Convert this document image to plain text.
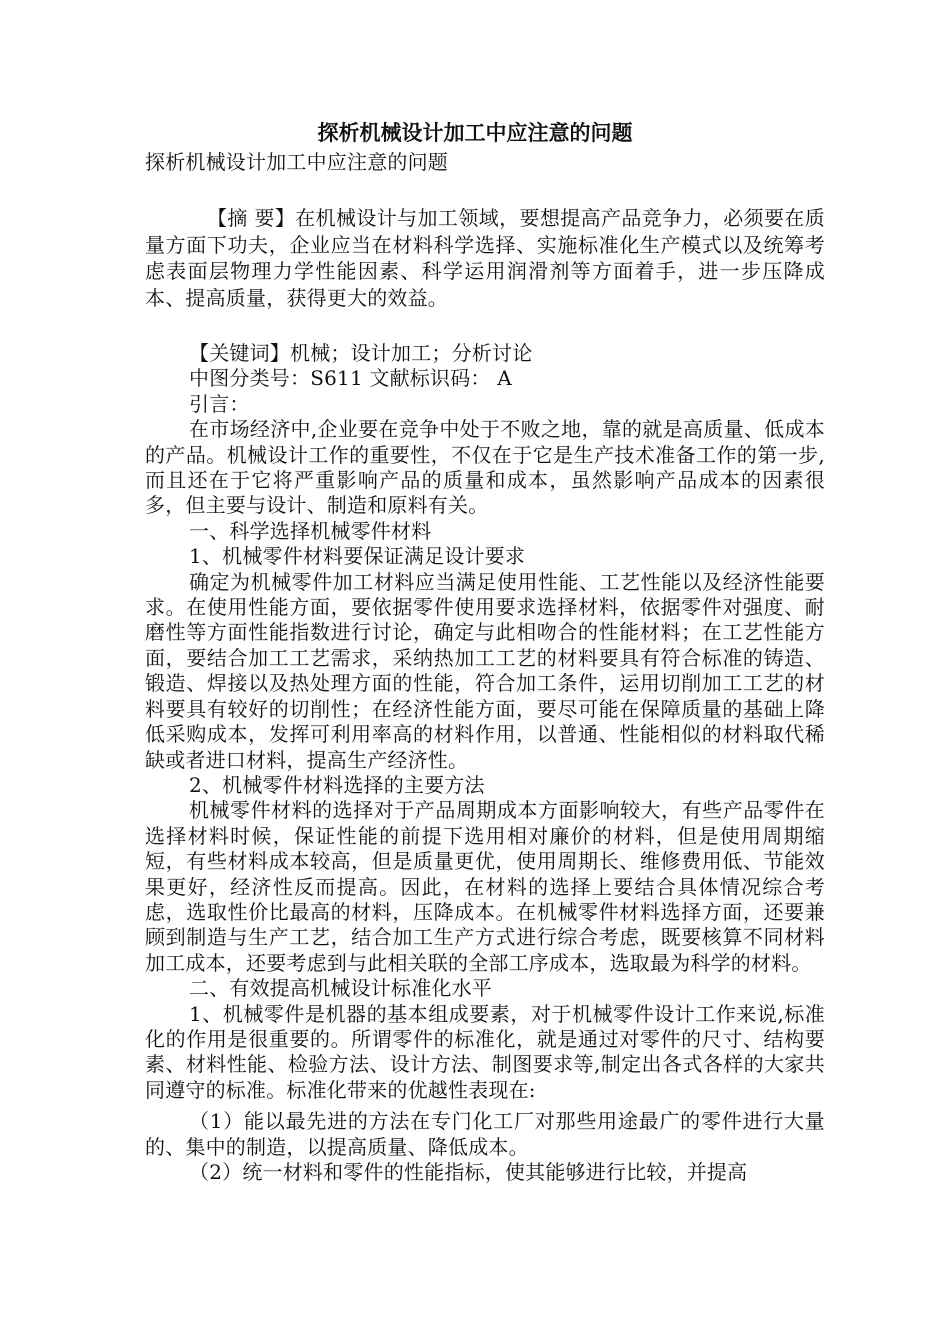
探析机械设计加工中应注意的问题

探析机械设计加工中应注意的问题

【摘 要】在机械设计与加工领域，要想提高产品竞争力，必须要在质量方面下功夫，企业应当在材料科学选择、实施标准化生产模式以及统筹考虑表面层物理力学性能因素、科学运用润滑剂等方面着手，进一步压降成本、提高质量，获得更大的效益。

【关键词】机械；设计加工；分析讨论

中图分类号：S611 文献标识码： A

引言：

在市场经济中,企业要在竞争中处于不败之地，靠的就是高质量、低成本的产品。机械设计工作的重要性，不仅在于它是生产技术准备工作的第一步,而且还在于它将严重影响产品的质量和成本，虽然影响产品成本的因素很多，但主要与设计、制造和原料有关。

一、科学选择机械零件材料

1、机械零件材料要保证满足设计要求

确定为机械零件加工材料应当满足使用性能、工艺性能以及经济性能要求。在使用性能方面，要依据零件使用要求选择材料，依据零件对强度、耐磨性等方面性能指数进行讨论，确定与此相吻合的性能材料；在工艺性能方面，要结合加工工艺需求，采纳热加工工艺的材料要具有符合标准的铸造、锻造、焊接以及热处理方面的性能，符合加工条件，运用切削加工工艺的材料要具有较好的切削性；在经济性能方面，要尽可能在保障质量的基础上降低采购成本，发挥可利用率高的材料作用，以普通、性能相似的材料取代稀缺或者进口材料，提高生产经济性。

2、机械零件材料选择的主要方法

机械零件材料的选择对于产品周期成本方面影响较大，有些产品零件在选择材料时候，保证性能的前提下选用相对廉价的材料，但是使用周期缩短，有些材料成本较高，但是质量更优，使用周期长、维修费用低、节能效果更好，经济性反而提高。因此，在材料的选择上要结合具体情况综合考虑，选取性价比最高的材料，压降成本。在机械零件材料选择方面，还要兼顾到制造与生产工艺，结合加工生产方式进行综合考虑，既要核算不同材料加工成本，还要考虑到与此相关联的全部工序成本，选取最为科学的材料。

二、有效提高机械设计标准化水平

1、机械零件是机器的基本组成要素，对于机械零件设计工作来说,标准化的作用是很重要的。所谓零件的标准化，就是通过对零件的尺寸、结构要素、材料性能、检验方法、设计方法、制图要求等,制定出各式各样的大家共同遵守的标准。标准化带来的优越性表现在:

（1）能以最先进的方法在专门化工厂对那些用途最广的零件进行大量的、集中的制造，以提高质量、降低成本。

（2）统一材料和零件的性能指标，使其能够进行比较，并提高
